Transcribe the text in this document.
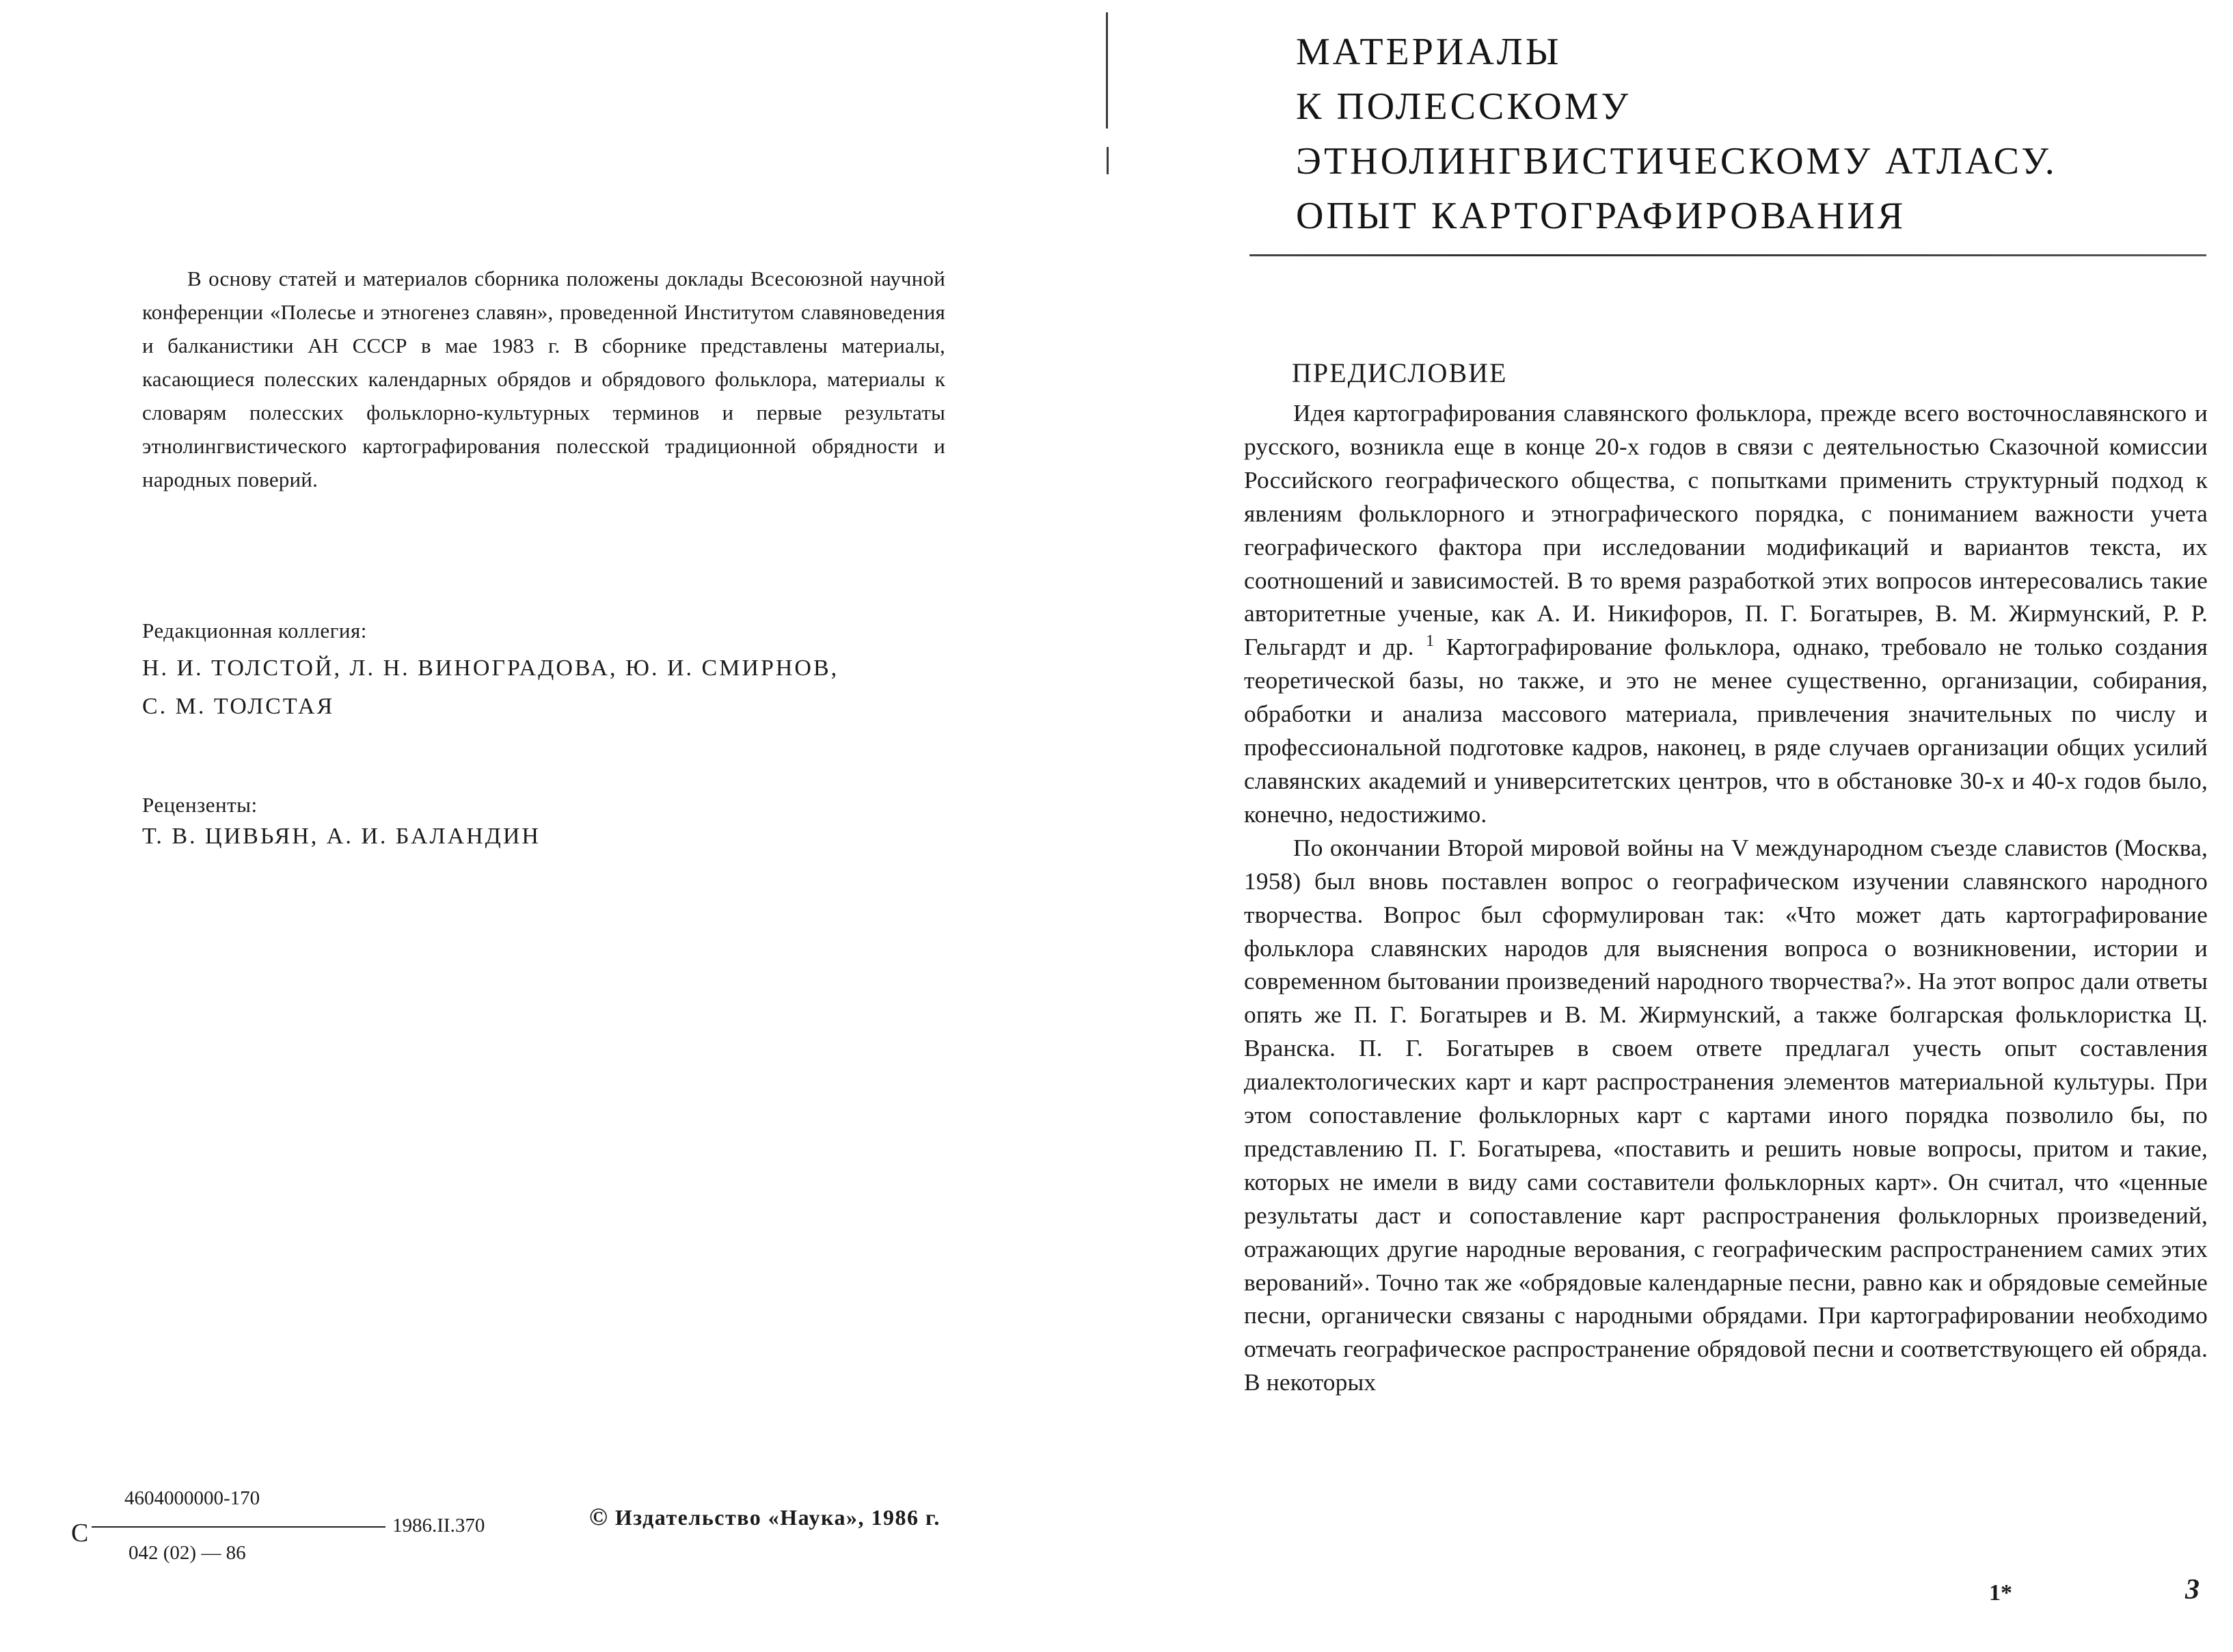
В основу статей и материалов сборника положены доклады Всесоюзной научной конференции «Полесье и этногенез славян», проведенной Институтом славяноведения и балканистики АН СССР в мае 1983 г. В сборнике представлены материалы, касающиеся полесских календарных обрядов и обрядового фольклора, материалы к словарям полесских фольклорно-культурных терминов и первые результаты этнолингвистического картографирования полесской традиционной обрядности и народных поверий.

Редакционная коллегия:
Н. И. ТОЛСТОЙ, Л. Н. ВИНОГРАДОВА, Ю. И. СМИРНОВ,
С. М. ТОЛСТАЯ
Рецензенты:
Т. В. ЦИВЬЯН, А. И. БАЛАНДИН
С
4604000000-170
042 (02) — 86
1986.II.370	© Издательство «Наука», 1986 г.
МАТЕРИАЛЫ
К ПОЛЕССКОМУ
ЭТНОЛИНГВИСТИЧЕСКОМУ АТЛАСУ.
ОПЫТ КАРТОГРАФИРОВАНИЯ
ПРЕДИСЛОВИЕ

Идея картографирования славянского фольклора, прежде всего восточнославянского и русского, возникла еще в конце 20-х годов в связи с деятельностью Сказочной комиссии Российского географического общества, с попытками применить структурный подход к явлениям фольклорного и этнографического порядка, с пониманием важности учета географического фактора при исследовании модификаций и вариантов текста, их соотношений и зависимостей. В то время разработкой этих вопросов интересовались такие авторитетные ученые, как А. И. Никифоров, П. Г. Богатырев, В. М. Жирмунский, Р. Р. Гельгардт и др. $^1$ Картографирование фольклора, однако, требовало не только создания теоретической базы, но также, и это не менее существенно, организации, собирания, обработки и анализа массового материала, привлечения значительных по числу и профессиональной подготовке кадров, наконец, в ряде случаев организации общих усилий славянских академий и университетских центров, что в обстановке 30-х и 40-х годов было, конечно, недостижимо.

По окончании Второй мировой войны на V международном съезде славистов (Москва, 1958) был вновь поставлен вопрос о географическом изучении славянского народного творчества. Вопрос был сформулирован так: «Что может дать картографирование фольклора славянских народов для выяснения вопроса о возникновении, истории и современном бытовании произведений народного творчества?». На этот вопрос дали ответы опять же П. Г. Богатырев и В. М. Жирмунский, а также болгарская фольклористка Ц. Вранска. П. Г. Богатырев в своем ответе предлагал учесть опыт составления диалектологических карт и карт распространения элементов материальной культуры. При этом сопоставление фольклорных карт с картами иного порядка позволило бы, по представлению П. Г. Богатырева, «поставить и решить новые вопросы, притом и такие, которых не имели в виду сами составители фольклорных карт». Он считал, что «ценные результаты даст и сопоставление карт распространения фольклорных произведений, отражающих другие народные верования, с географическим распространением самих этих верований». Точно так же «обрядовые календарные песни, равно как и обрядовые семейные песни, органически связаны с народными обрядами. При картографировании необходимо отмечать географическое распространение обрядовой песни и соответствующего ей обряда. В некоторых

1*	3
